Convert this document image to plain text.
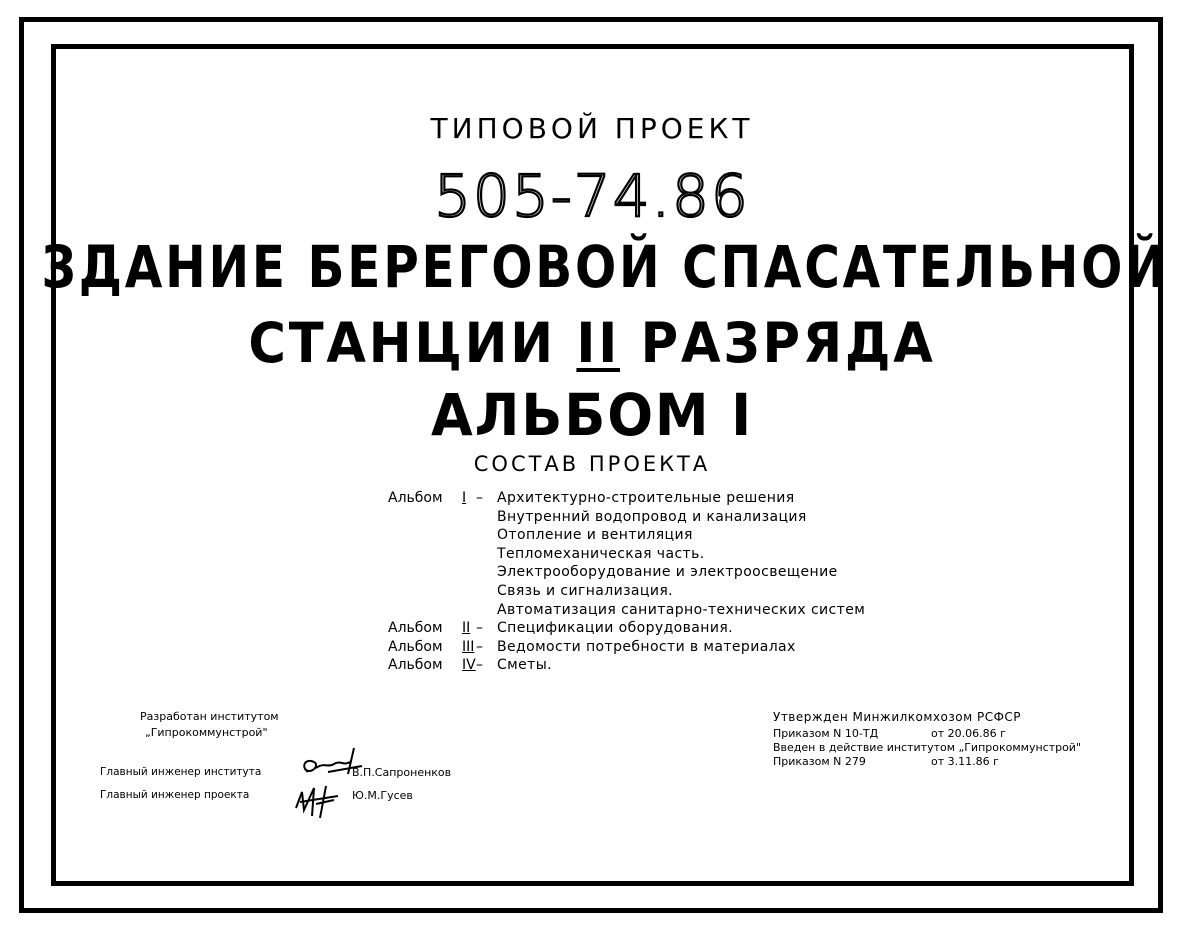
ТИПОВОЙ ПРОЕКТ
505-74.86
ЗДАНИЕ БЕРЕГОВОЙ СПАСАТЕЛЬНОЙ
СТАНЦИИ II РАЗРЯДА
АЛЬБОМ I
СОСТАВ ПРОЕКТА
Альбом	I –	Архитектурно-строительные решения
Внутренний водопровод и канализация
Отопление и вентиляция
Тепломеханическая часть.
Электрооборудование и электроосвещение
Связь и сигнализация.
Автоматизация санитарно-технических систем
Альбом	II –	Спецификации оборудования.
Альбом	III –	Ведомости потребности в материалах
Альбом	IV –	Сметы.
Разработан институтом
„Гипрокоммунстрой"
Главный инженер института	В.П.Сапроненков
Главный инженер проекта	Ю.М.Гусев
Утвержден Минжилкомхозом РСФСР
Приказом N 10-ТД	от 20.06.86 г
Введен в действие институтом „Гипрокоммунстрой"
Приказом N 279	от 3.11.86 г
